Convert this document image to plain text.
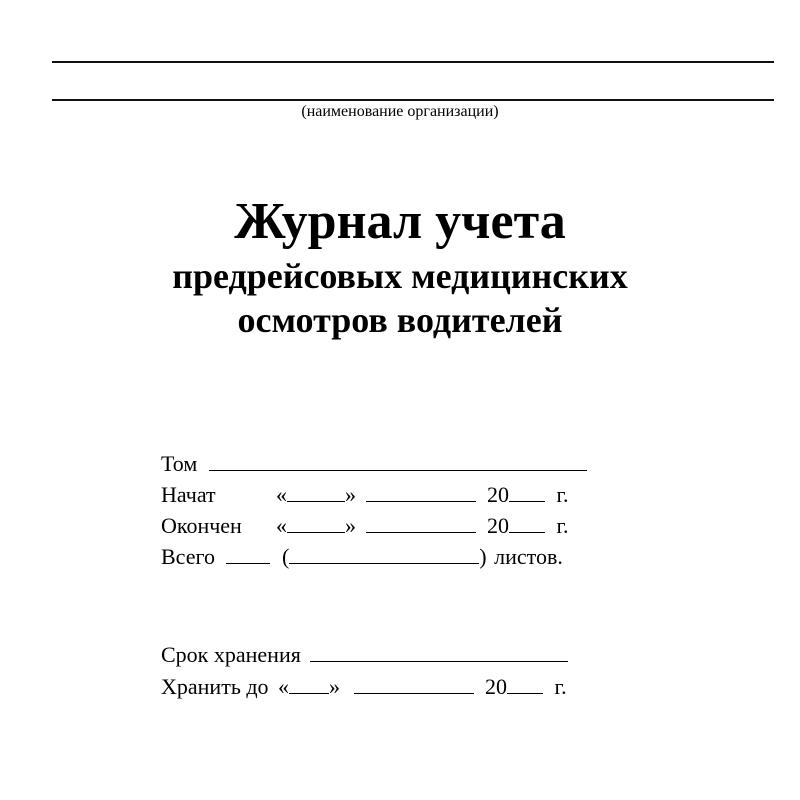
(наименование организации)
Журнал учета
предрейсовых медицинских
осмотров водителей
Том
Начат	«	»	20 г.
Окончен «	»	20 г.
Всего	(	) листов.
Срок хранения
Хранить до « »	20 г.
